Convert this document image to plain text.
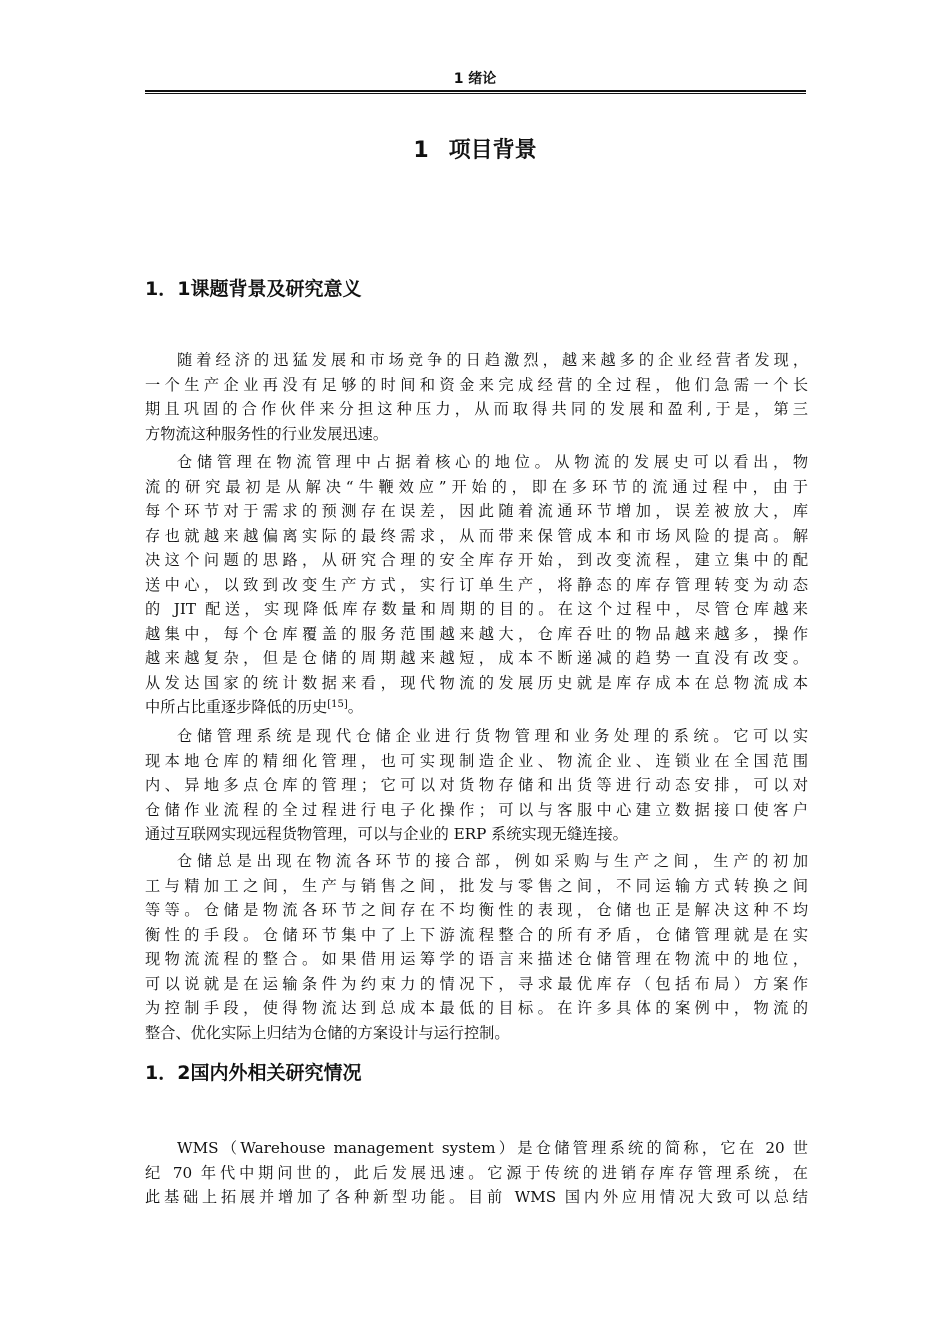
1 绪论
1 项目背景
1．1课题背景及研究意义
随着经济的迅猛发展和市场竞争的日趋激烈，越来越多的企业经营者发现，
一个生产企业再没有足够的时间和资金来完成经营的全过程，他们急需一个长
期且巩固的合作伙伴来分担这种压力，从而取得共同的发展和盈利,于是，第三
方物流这种服务性的行业发展迅速。
仓储管理在物流管理中占据着核心的地位。从物流的发展史可以看出，物
流的研究最初是从解决“牛鞭效应”开始的，即在多环节的流通过程中，由于
每个环节对于需求的预测存在误差，因此随着流通环节增加，误差被放大，库
存也就越来越偏离实际的最终需求，从而带来保管成本和市场风险的提高。解
决这个问题的思路，从研究合理的安全库存开始，到改变流程，建立集中的配
送中心，以致到改变生产方式，实行订单生产，将静态的库存管理转变为动态
的 JIT 配送，实现降低库存数量和周期的目的。在这个过程中，尽管仓库越来
越集中，每个仓库覆盖的服务范围越来越大，仓库吞吐的物品越来越多，操作
越来越复杂，但是仓储的周期越来越短，成本不断递减的趋势一直没有改变。
从发达国家的统计数据来看，现代物流的发展历史就是库存成本在总物流成本
中所占比重逐步降低的历史[15]。
仓储管理系统是现代仓储企业进行货物管理和业务处理的系统。它可以实
现本地仓库的精细化管理，也可实现制造企业、物流企业、连锁业在全国范围
内、异地多点仓库的管理；它可以对货物存储和出货等进行动态安排，可以对
仓储作业流程的全过程进行电子化操作；可以与客服中心建立数据接口使客户
通过互联网实现远程货物管理，可以与企业的 ERP 系统实现无缝连接。
仓储总是出现在物流各环节的接合部，例如采购与生产之间，生产的初加
工与精加工之间，生产与销售之间，批发与零售之间，不同运输方式转换之间
等等。仓储是物流各环节之间存在不均衡性的表现，仓储也正是解决这种不均
衡性的手段。仓储环节集中了上下游流程整合的所有矛盾，仓储管理就是在实
现物流流程的整合。如果借用运筹学的语言来描述仓储管理在物流中的地位，
可以说就是在运输条件为约束力的情况下，寻求最优库存（包括布局）方案作
为控制手段，使得物流达到总成本最低的目标。在许多具体的案例中，物流的
整合、优化实际上归结为仓储的方案设计与运行控制。
1．2国内外相关研究情况
WMS（Warehouse management system）是仓储管理系统的简称，它在 20 世
纪 70 年代中期问世的，此后发展迅速。它源于传统的进销存库存管理系统，在
此基础上拓展并增加了各种新型功能。目前 WMS 国内外应用情况大致可以总结
